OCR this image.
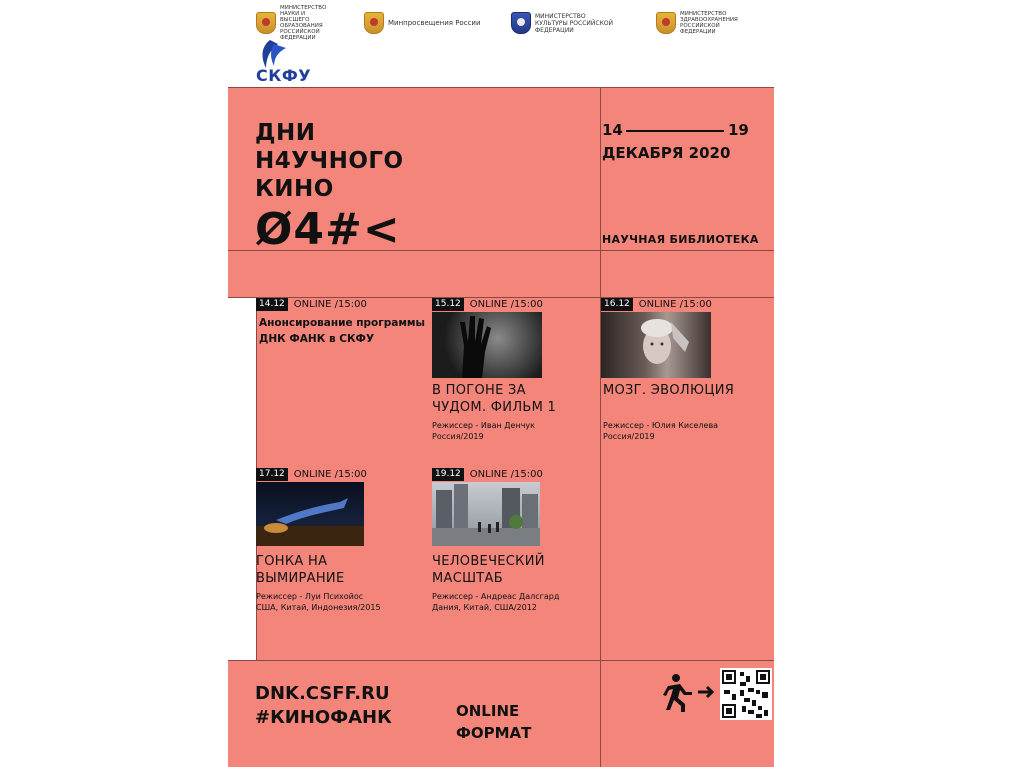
МИНИСТЕРСТВО НАУКИ И ВЫСШЕГО ОБРАЗОВАНИЯ РОССИЙСКОЙ ФЕДЕРАЦИИ
Минпросвещения России
МИНИСТЕРСТВО КУЛЬТУРЫ РОССИЙСКОЙ ФЕДЕРАЦИИ
МИНИСТЕРСТВО ЗДРАВООХРАНЕНИЯ РОССИЙСКОЙ ФЕДЕРАЦИИ
СКФУ
ДНИ
Н4УЧНОГО
КИНО
Ø4#<
14	19
ДЕКАБРЯ 2020
НАУЧНАЯ БИБЛИОТЕКА
14.12 ONLINE /15:00
Анонсирование программы
ДНК ФАНК в СКФУ
15.12 ONLINE /15:00
В ПОГОНЕ ЗА
ЧУДОМ. ФИЛЬМ 1
Режиссер - Иван Денчук
Россия/2019
16.12 ONLINE /15:00
МОЗГ. ЭВОЛЮЦИЯ
Режиссер - Юлия Киселева
Россия/2019
17.12 ONLINE /15:00
ГОНКА НА
ВЫМИРАНИЕ
Режиссер - Луи Психойос
США, Китай, Индонезия/2015
19.12 ONLINE /15:00
ЧЕЛОВЕЧЕСКИЙ
МАСШТАБ
Режиссер - Андреас Далсгард
Дания, Китай, США/2012
DNK.CSFF.RU
#КИНОФАНК	ONLINE
ФОРМАТ
